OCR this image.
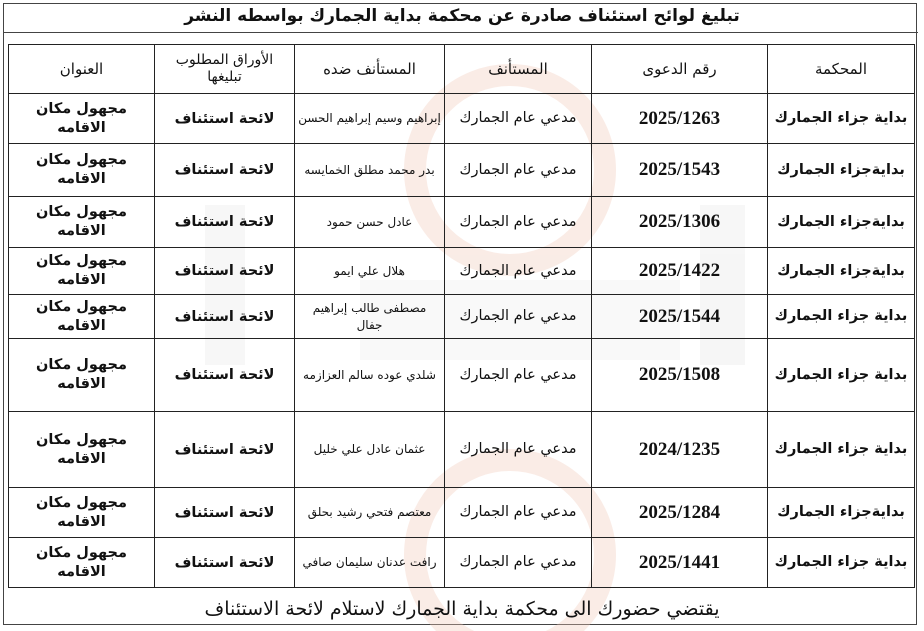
تبليغ لوائح استئناف صادرة عن محكمة بداية الجمارك بواسطه النشر
المحكمة	رقم الدعوى	المستأنف	المستأنف ضده	الأوراق المطلوب تبليغها	العنوان
بداية جزاء الجمارك	2025/1263	مدعي عام الجمارك	إبراهيم وسيم إبراهيم الحسن	لائحة استئناف	مجهول مكان الاقامه
بدايةجزاء الجمارك	2025/1543	مدعي عام الجمارك	بدر محمد مطلق الخمايسه	لائحة استئناف	مجهول مكان الاقامه
بدايةجزاء الجمارك	2025/1306	مدعي عام الجمارك	عادل حسن حمود	لائحة استئناف	مجهول مكان الاقامه
بدايةجزاء الجمارك	2025/1422	مدعي عام الجمارك	هلال علي ايمو	لائحة استئناف	مجهول مكان الاقامه
بداية جزاء الجمارك	2025/1544	مدعي عام الجمارك	مصطفى طالب إبراهيم جفال	لائحة استئناف	مجهول مكان الاقامه
بداية جزاء الجمارك	2025/1508	مدعي عام الجمارك	شلدي عوده سالم العزازمه	لائحة استئناف	مجهول مكان الاقامه
بداية جزاء الجمارك	2024/1235	مدعي عام الجمارك	عثمان عادل علي خليل	لائحة استئناف	مجهول مكان الاقامه
بدايةجزاء الجمارك	2025/1284	مدعي عام الجمارك	معتصم فتحي رشيد بحلق	لائحة استئناف	مجهول مكان الاقامه
بداية جزاء الجمارك	2025/1441	مدعي عام الجمارك	رافت عدنان سليمان صافي	لائحة استئناف	مجهول مكان الاقامه
يقتضي حضورك الى محكمة بداية الجمارك لاستلام لائحة الاستئناف
